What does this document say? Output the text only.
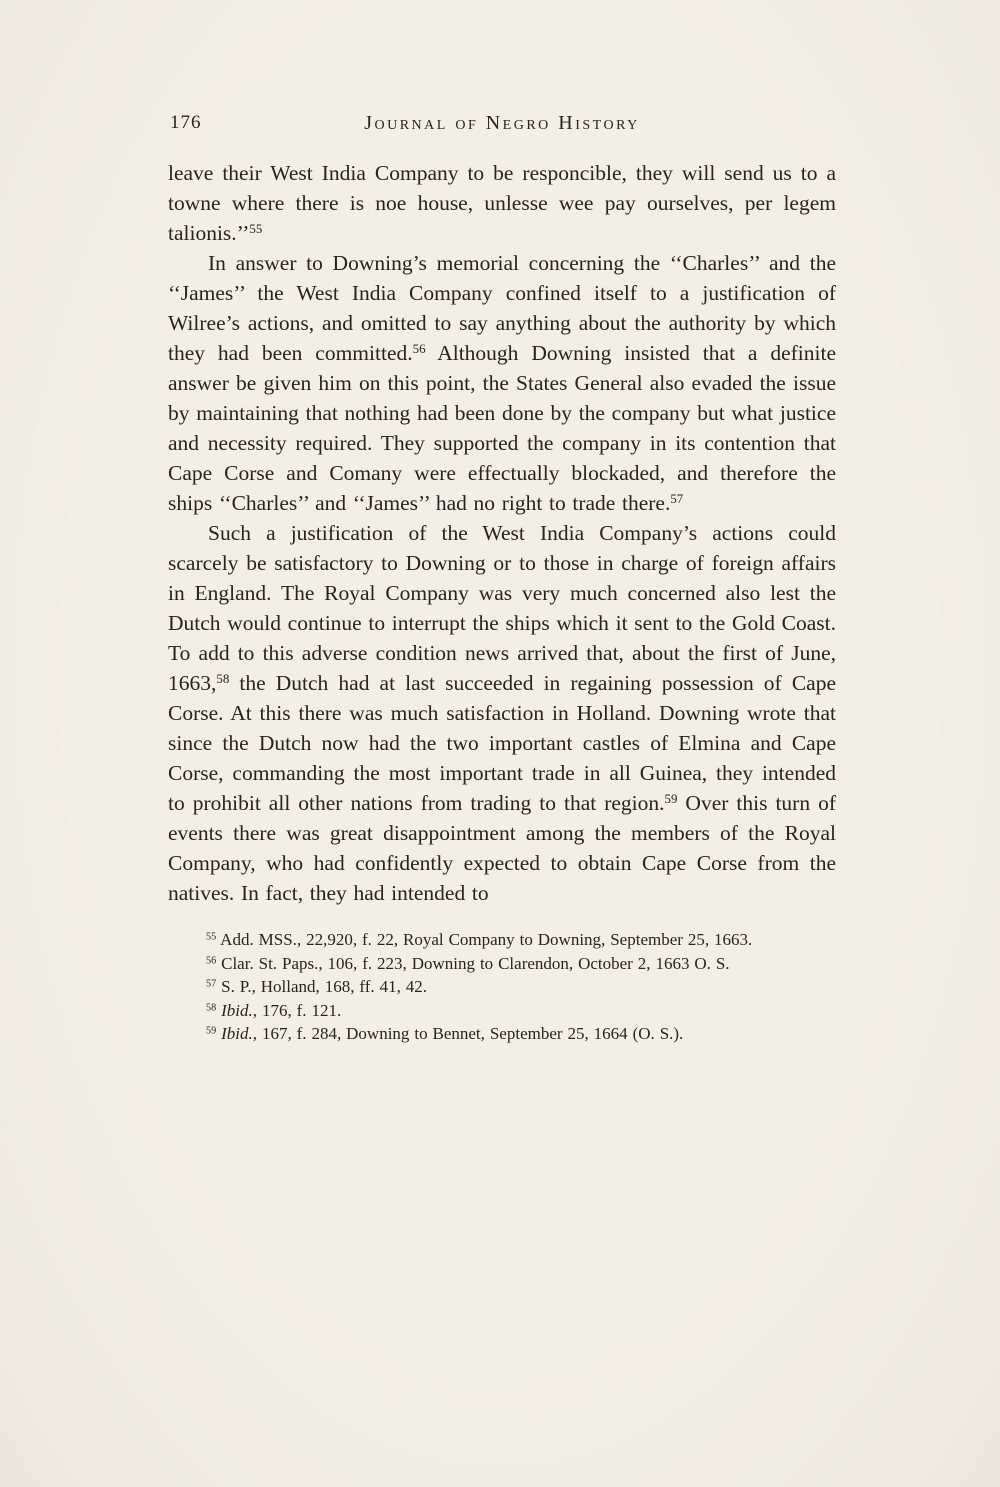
176	Journal of Negro History

leave their West India Company to be responcible, they will send us to a towne where there is noe house, unlesse wee pay ourselves, per legem talionis.’’$^{55}$

In answer to Downing’s memorial concerning the ‘‘Charles’’ and the ‘‘James’’ the West India Company confined itself to a justification of Wilree’s actions, and omitted to say anything about the authority by which they had been committed.$^{56}$ Although Downing insisted that a definite answer be given him on this point, the States General also evaded the issue by maintaining that nothing had been done by the company but what justice and necessity required. They supported the company in its contention that Cape Corse and Comany were effectually blockaded, and therefore the ships ‘‘Charles’’ and ‘‘James’’ had no right to trade there.$^{57}$

Such a justification of the West India Company’s actions could scarcely be satisfactory to Downing or to those in charge of foreign affairs in England. The Royal Company was very much concerned also lest the Dutch would continue to interrupt the ships which it sent to the Gold Coast. To add to this adverse condition news arrived that, about the first of June, 1663,58 the Dutch had at last succeeded in regaining possession of Cape Corse. At this there was much satisfaction in Holland. Downing wrote that since the Dutch now had the two important castles of Elmina and Cape Corse, commanding the most important trade in all Guinea, they intended to prohibit all other nations from trading to that region.$^{59}$ Over this turn of events there was great disappointment among the members of the Royal Company, who had confidently expected to obtain Cape Corse from the natives. In fact, they had intended to

$^{55}$ Add. MSS., 22,920, f. 22, Royal Company to Downing, September 25, 1663.

$^{56}$ Clar. St. Paps., 106, f. 223, Downing to Clarendon, October 2, 1663 O. S.

$^{57}$ S. P., Holland, 168, ff. 41, 42.

$^{58}$ Ibid., 176, f. 121.

$^{59}$ Ibid., 167, f. 284, Downing to Bennet, September 25, 1664 (O. S.).
